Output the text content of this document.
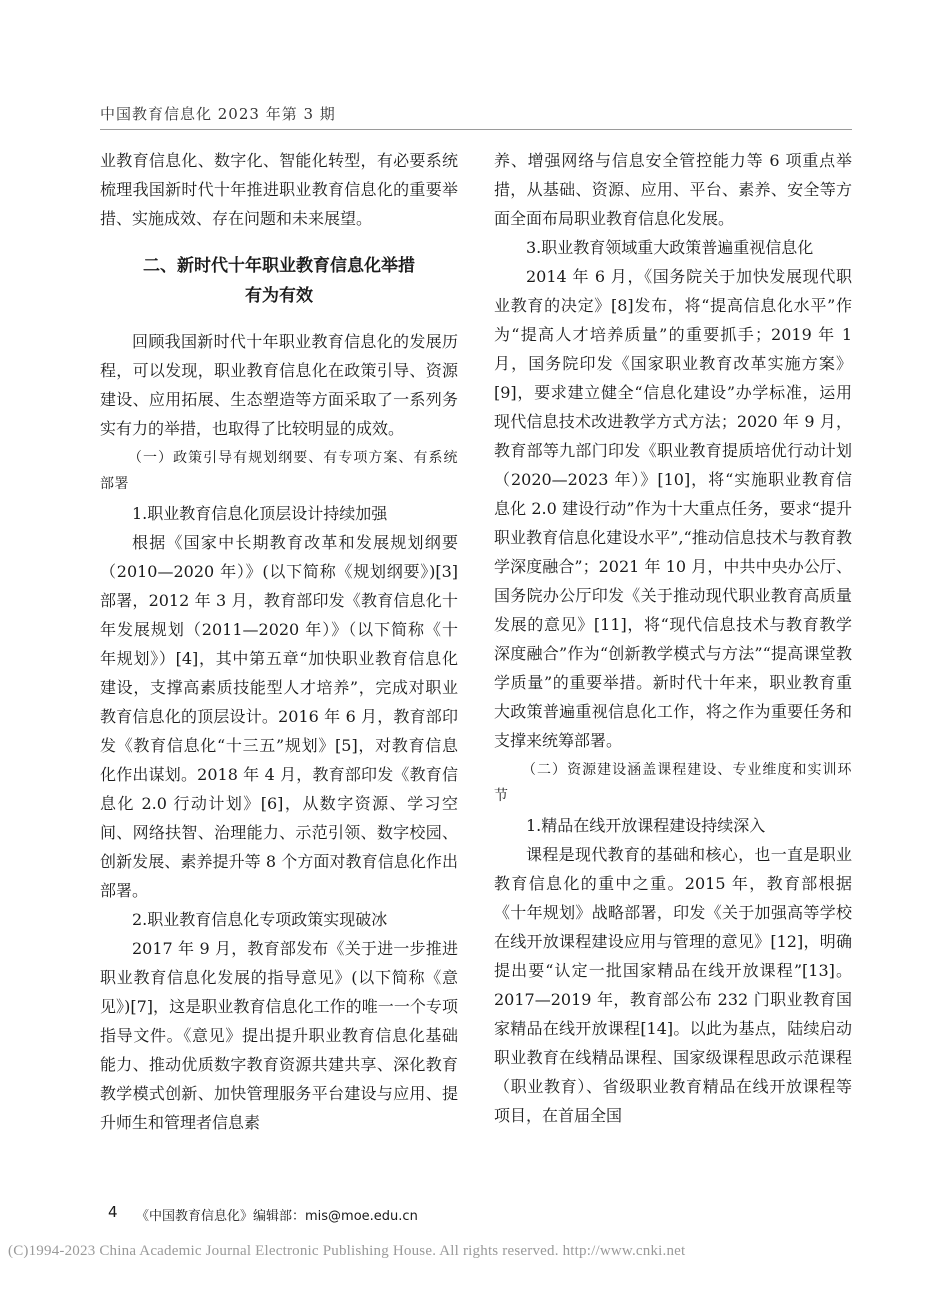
中国教育信息化 2023 年第 3 期

业教育信息化、数字化、智能化转型，有必要系统梳理我国新时代十年推进职业教育信息化的重要举措、实施成效、存在问题和未来展望。

二、新时代十年职业教育信息化举措
有为有效

回顾我国新时代十年职业教育信息化的发展历程，可以发现，职业教育信息化在政策引导、资源建设、应用拓展、生态塑造等方面采取了一系列务实有力的举措，也取得了比较明显的成效。

（一）政策引导有规划纲要、有专项方案、有系统部署

1.职业教育信息化顶层设计持续加强

根据《国家中长期教育改革和发展规划纲要（2010—2020 年）》(以下简称《规划纲要》)[3]部署，2012 年 3 月，教育部印发《教育信息化十年发展规划（2011—2020 年）》（以下简称《十年规划》）[4]，其中第五章“加快职业教育信息化建设，支撑高素质技能型人才培养”，完成对职业教育信息化的顶层设计。2016 年 6 月，教育部印发《教育信息化“十三五”规划》[5]，对教育信息化作出谋划。2018 年 4 月，教育部印发《教育信息化 2.0 行动计划》[6]，从数字资源、学习空间、网络扶智、治理能力、示范引领、数字校园、创新发展、素养提升等 8 个方面对教育信息化作出部署。

2.职业教育信息化专项政策实现破冰

2017 年 9 月，教育部发布《关于进一步推进职业教育信息化发展的指导意见》(以下简称《意见》)[7]，这是职业教育信息化工作的唯一一个专项指导文件。《意见》提出提升职业教育信息化基础能力、推动优质数字教育资源共建共享、深化教育教学模式创新、加快管理服务平台建设与应用、提升师生和管理者信息素

养、增强网络与信息安全管控能力等 6 项重点举措，从基础、资源、应用、平台、素养、安全等方面全面布局职业教育信息化发展。

3.职业教育领域重大政策普遍重视信息化

2014 年 6 月，《国务院关于加快发展现代职业教育的决定》[8]发布，将“提高信息化水平”作为“提高人才培养质量”的重要抓手；2019 年 1 月，国务院印发《国家职业教育改革实施方案》[9]，要求建立健全“信息化建设”办学标准，运用现代信息技术改进教学方式方法；2020 年 9 月，教育部等九部门印发《职业教育提质培优行动计划（2020—2023 年）》[10]，将“实施职业教育信息化 2.0 建设行动”作为十大重点任务，要求“提升职业教育信息化建设水平”,“推动信息技术与教育教学深度融合”；2021 年 10 月，中共中央办公厅、国务院办公厅印发《关于推动现代职业教育高质量发展的意见》[11]，将“现代信息技术与教育教学深度融合”作为“创新教学模式与方法”“提高课堂教学质量”的重要举措。新时代十年来，职业教育重大政策普遍重视信息化工作，将之作为重要任务和支撑来统筹部署。

（二）资源建设涵盖课程建设、专业维度和实训环节

1.精品在线开放课程建设持续深入

课程是现代教育的基础和核心，也一直是职业教育信息化的重中之重。2015 年，教育部根据《十年规划》战略部署，印发《关于加强高等学校在线开放课程建设应用与管理的意见》[12]，明确提出要“认定一批国家精品在线开放课程”[13]。2017—2019 年，教育部公布 232 门职业教育国家精品在线开放课程[14]。以此为基点，陆续启动职业教育在线精品课程、国家级课程思政示范课程（职业教育）、省级职业教育精品在线开放课程等项目，在首届全国

4 《中国教育信息化》编辑部：mis@moe.edu.cn
(C)1994-2023 China Academic Journal Electronic Publishing House. All rights reserved. http://www.cnki.net
